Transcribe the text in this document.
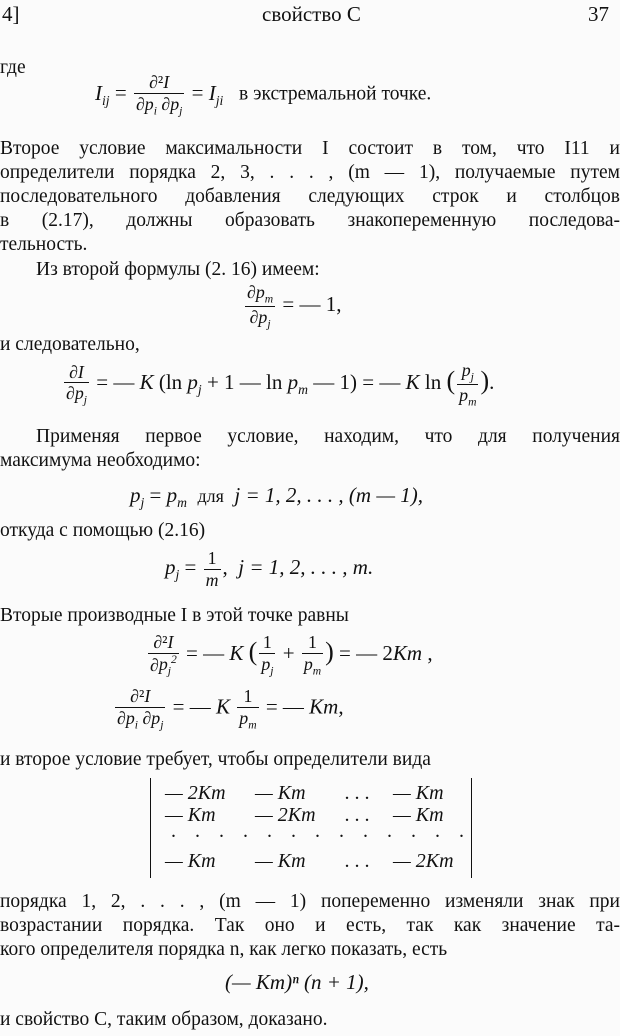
4]	свойство С	37
где
$I_{ij} = \frac{\text{∂²I}}{\partial p_i \partial p_j} = I_{ji}$ в экстремальной точке.
Второе условие максимальности I состоит в том, что I11 и
определители порядка 2, 3, . . . , (m — 1), получаемые путем
последовательного добавления следующих строк и столбцов
в (2.17), должны образовать знакопеременную последова-
тельность.
Из второй формулы (2. 16) имеем:
$\frac{\partial p_m}{\partial p_j}$ = — 1,
и следовательно,
$\frac{\partial I}{\partial p_j}$ = — K (ln $p_j + 1$ — $\ln p_m$ — 1) = — K ln ( $\frac{p_j}{p_m}$ ).
Применяя первое условие, находим, что для получения
максимума необходимо:
$p_j = p_m$ для j = 1, 2, . . . , (m — 1),
откуда с помощью (2.16)
$p_j = \frac{1}{m}$ ,  j = 1, 2, . . . , m.
Вторые производные I в этой точке равны
$\frac{\text{∂²I}}{\partial p_j^2}$ = — K ( $\frac{1}{p_j} + \frac{1}{p_m}$ ) = — 2Km ,
$\frac{\text{∂²I}}{\partial p_i \partial p_j}$ = — K $\frac{1}{p_m}$ = — Km,
и второе условие требует, чтобы определители вида
— 2Km — Km . . . — Km
— Km — 2Km . . . — Km
. . . . . . . . . . . . .
— Km — Km . . . — 2Km
порядка 1, 2, . . . , (m — 1) попеременно изменяли знак при
возрастании порядка. Так оно и есть, так как значение та-
кого определителя порядка n, как легко показать, есть
(— Km)ⁿ (n + 1),
и свойство С, таким образом, доказано.
